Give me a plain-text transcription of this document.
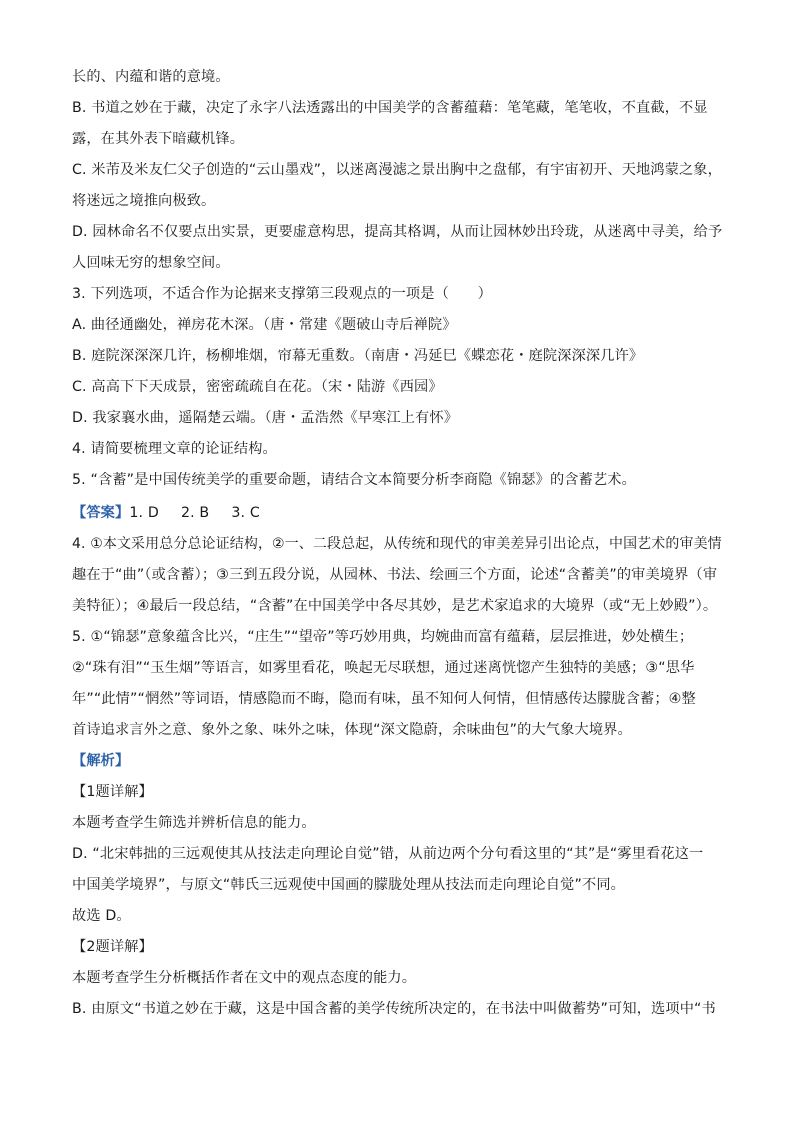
长的、内蕴和谐的意境。
B. 书道之妙在于藏，决定了永字八法透露出的中国美学的含蓄蕴藉：笔笔藏，笔笔收，不直截，不显
露，在其外表下暗藏机锋。
C. 米芾及米友仁父子创造的“云山墨戏”，以迷离漫滤之景出胸中之盘郁，有宇宙初开、天地鸿蒙之象，
将迷远之境推向极致。
D. 园林命名不仅要点出实景，更要虚意构思，提高其格调，从而让园林妙出玲珑，从迷离中寻美，给予
人回味无穷的想象空间。
3. 下列选项，不适合作为论据来支撑第三段观点的一项是（　　）
A. 曲径通幽处，禅房花木深。（唐・常建《题破山寺后禅院》
B. 庭院深深深几许，杨柳堆烟，帘幕无重数。（南唐・冯延巳《蝶恋花・庭院深深深几许》
C. 高高下下天成景，密密疏疏自在花。（宋・陆游《西园》
D. 我家襄水曲，遥隔楚云端。（唐・孟浩然《早寒江上有怀》
4. 请简要梳理文章的论证结构。
5. “含蓄”是中国传统美学的重要命题，请结合文本简要分析李商隐《锦瑟》的含蓄艺术。
【答案】1. D 2. B 3. C
4. ①本文采用总分总论证结构，②一、二段总起，从传统和现代的审美差异引出论点，中国艺术的审美情
趣在于“曲”（或含蓄）；③三到五段分说，从园林、书法、绘画三个方面，论述“含蓄美”的审美境界（审
美特征）；④最后一段总结，“含蓄”在中国美学中各尽其妙，是艺术家追求的大境界（或“无上妙殿”）。
5. ①“锦瑟”意象蕴含比兴，“庄生”“望帝”等巧妙用典，均婉曲而富有蕴藉，层层推进，妙处横生；
②“珠有泪”“玉生烟”等语言，如雾里看花，唤起无尽联想，通过迷离恍惚产生独特的美感；③“思华
年”“此情”“惘然”等词语，情感隐而不晦，隐而有味，虽不知何人何情，但情感传达朦胧含蓄；④整
首诗追求言外之意、象外之象、味外之味，体现“深文隐蔚，余味曲包”的大气象大境界。
【解析】
【1题详解】
本题考查学生筛选并辨析信息的能力。
D. “北宋韩拙的三远观使其从技法走向理论自觉”错，从前边两个分句看这里的“其”是“雾里看花这一
中国美学境界”，与原文“韩氏三远观使中国画的朦胧处理从技法而走向理论自觉”不同。
故选 D。
【2题详解】
本题考查学生分析概括作者在文中的观点态度的能力。
B. 由原文“书道之妙在于藏，这是中国含蓄的美学传统所决定的，在书法中叫做蓄势”可知，选项中“书
